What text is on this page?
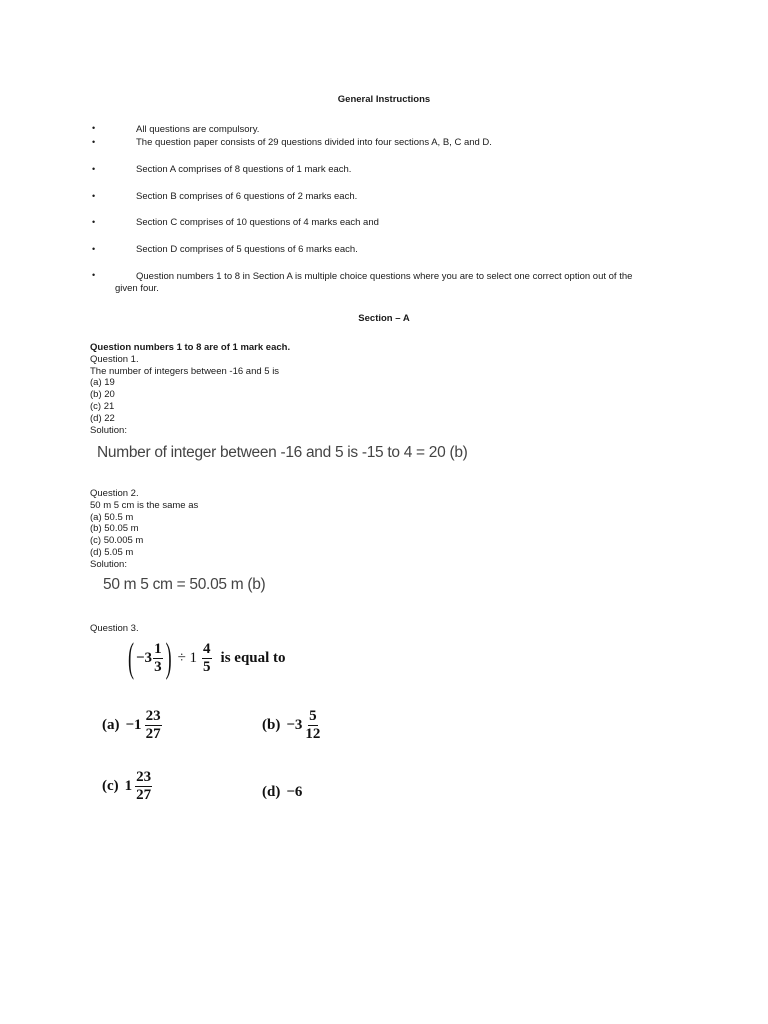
General Instructions
•	All questions are compulsory.
•	The question paper consists of 29 questions divided into four sections A, B, C and D.
•	Section A comprises of 8 questions of 1 mark each.
•	Section B comprises of 6 questions of 2 marks each.
•	Section C comprises of 10 questions of 4 marks each and
•	Section D comprises of 5 questions of 6 marks each.
•	Question numbers 1 to 8 in Section A is multiple choice questions where you are to select one correct option out of the
given four.
Section – A
Question numbers 1 to 8 are of 1 mark each.
Question 1.
The number of integers between -16 and 5 is
(a) 19
(b) 20
(c) 21
(d) 22
Solution:
Number of integer between -16 and 5 is -15 to 4 = 20 (b)
Question 2.
50 m 5 cm is the same as
(a) 50.5 m
(b) 50.05 m
(c) 50.005 m
(d) 5.05 m
Solution:
50 m 5 cm = 50.05 m (b)
Question 3.
( $-3 \frac{1}{3}$ ) ÷ $1 \frac{4}{5}$ is equal to
$(a) -1 \frac{23}{27}$	$(b) -3 \frac{5}{12}$
(c) $1 \frac{23}{27}$	(d) −6
